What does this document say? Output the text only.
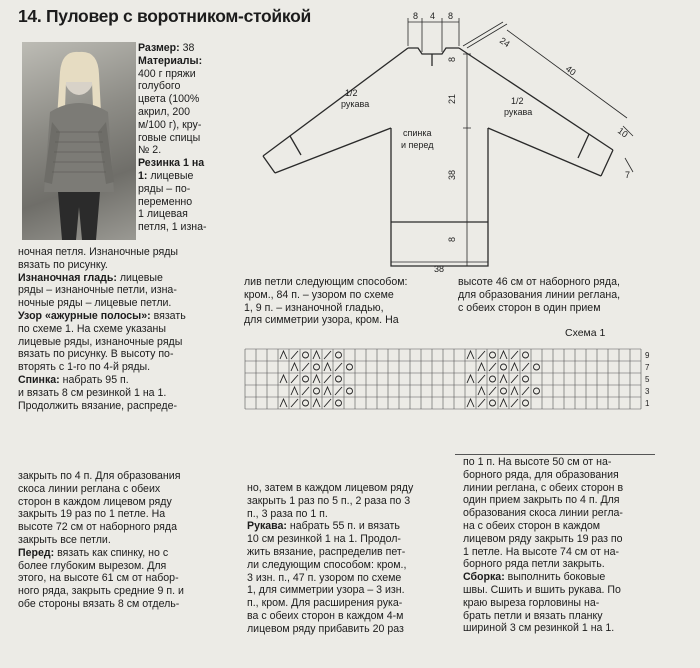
14. Пуловер с воротником-стойкой

Размер: 38

Материалы:

400 г пряжи

голубого

цвета (100%

акрил, 200

м/100 г), кру-

говые спицы

№ 2.

Резинка 1 на

1: лицевые

ряды – по-

переменно

1 лицевая

петля, 1 изна-

ночная петля. Изнаночные ряды

вязать по рисунку.

Изнаночная гладь: лицевые

ряды – изнаночные петли, изна-

ночные ряды – лицевые петли.

Узор «ажурные полосы»: вязать

по схеме 1. На схеме указаны

лицевые ряды, изнаночные ряды

вязать по рисунку. В высоту по-

вторять с 1-го по 4-й ряды.

Спинка: набрать 95 п.

и вязать 8 см резинкой 1 на 1.

Продолжить вязание, распреде-

закрыть по 4 п. Для образования

скоса линии реглана с обеих

сторон в каждом лицевом ряду

закрыть 19 раз по 1 петле. На

высоте 72 см от наборного ряда

закрыть все петли.

Перед: вязать как спинку, но с

более глубоким вырезом. Для

этого, на высоте 61 см от набор-

ного ряда, закрыть средние 9 п. и

обе стороны вязать 8 см отдель-

лив петли следующим способом:

кром., 84 п. – узором по схеме

1, 9 п. – изнаночной гладью,

для симметрии узора, кром. На

но, затем в каждом лицевом ряду

закрыть 1 раз по 5 п., 2 раза по 3

п., 3 раза по 1 п.

Рукава: набрать 55 п. и вязать

10 см резинкой 1 на 1. Продол-

жить вязание, распределив пет-

ли следующим способом: кром.,

3 изн. п., 47 п. узором по схеме

1, для симметрии узора – 3 изн.

п., кром. Для расширения рука-

ва с обеих сторон в каждом 4-м

лицевом ряду прибавить 20 раз

высоте 46 см от наборного ряда,

для образования линии реглана,

с обеих сторон в один прием

по 1 п. На высоте 50 см от на-

борного ряда, для образования

линии реглана, с обеих сторон в

один прием закрыть по 4 п. Для

образования скоса линии регла-

на с обеих сторон в каждом

лицевом ряду закрыть 19 раз по

1 петле. На высоте 74 см от на-

борного ряда петли закрыть.

Сборка: выполнить боковые

швы. Сшить и вшить рукава. По

краю выреза горловины на-

брать петли и вязать планку

шириной 3 см резинкой 1 на 1.

8 4 8
24
40
10
7
8
21
38
8
38
1/2
рукава	1/2
рукава
спинка
и перед
Схема 1
9
7
5
3
1
